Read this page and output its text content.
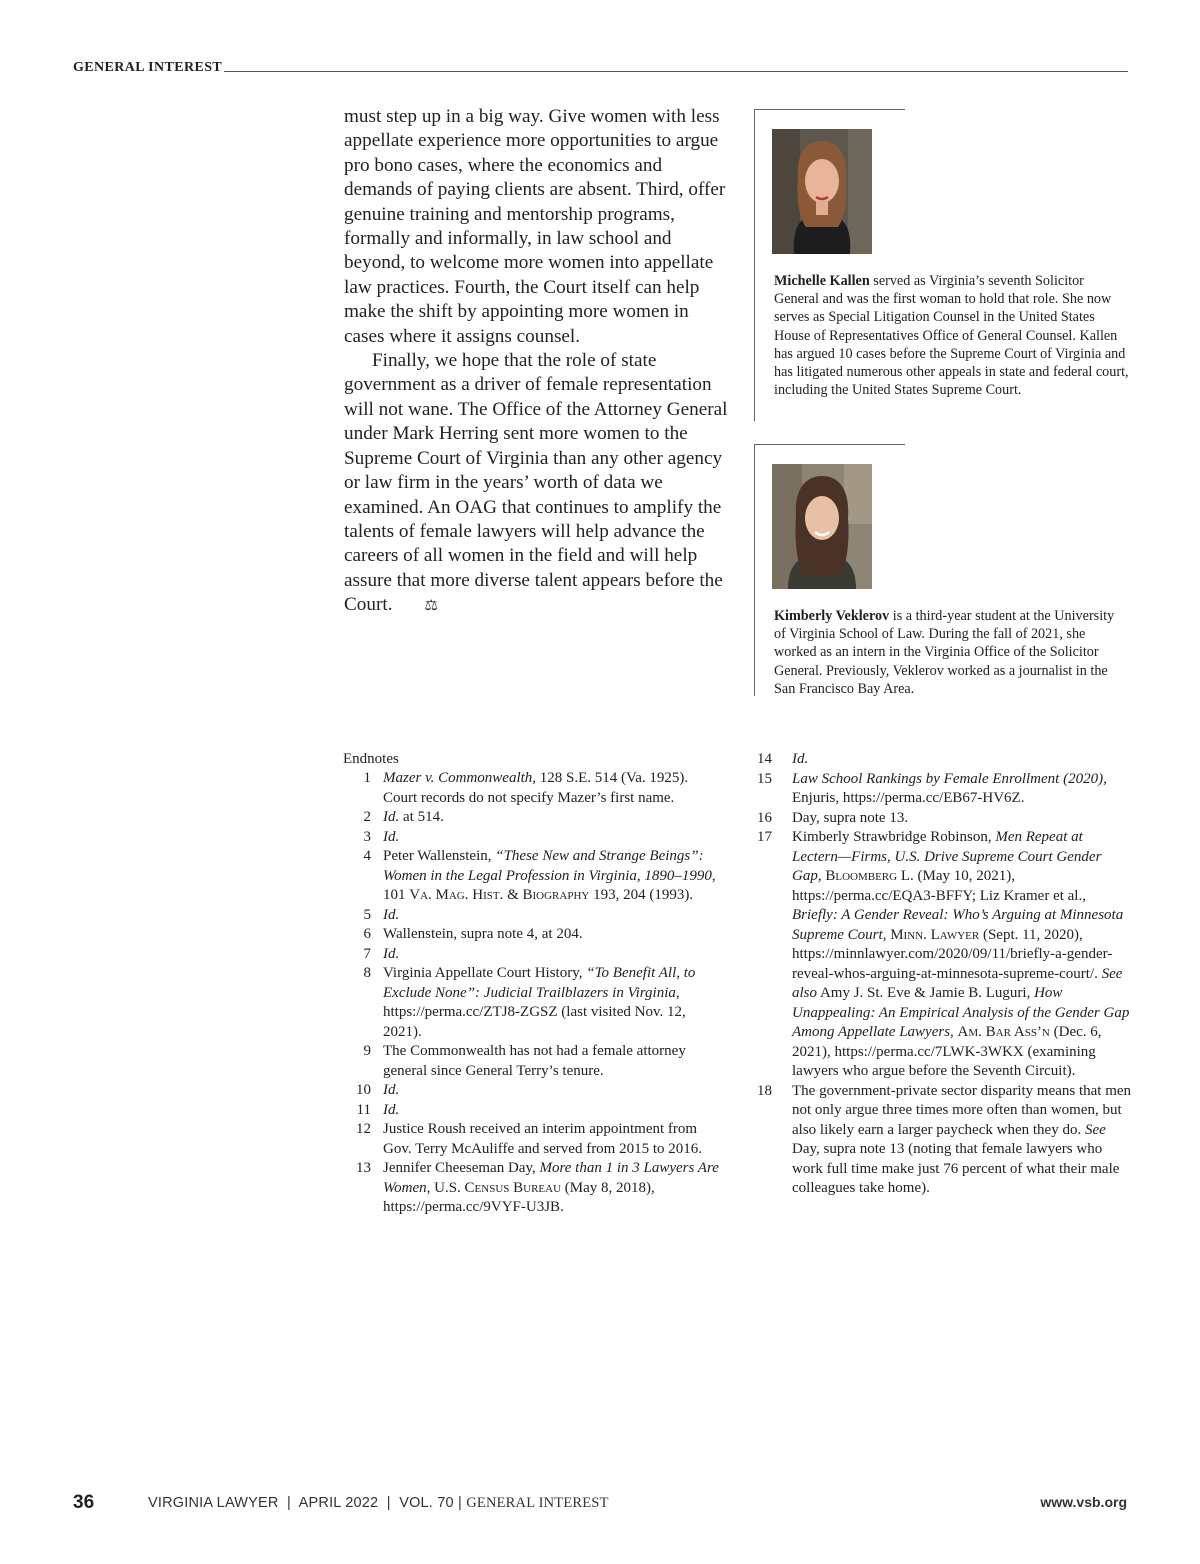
GENERAL INTEREST

must step up in a big way. Give women with less appellate experience more opportunities to argue pro bono cases, where the economics and demands of paying clients are absent. Third, offer genuine training and mentorship programs, formally and informally, in law school and beyond, to welcome more women into appellate law practices. Fourth, the Court itself can help make the shift by appointing more women in cases where it assigns counsel.

Finally, we hope that the role of state government as a driver of female representation will not wane. The Office of the Attorney General under Mark Herring sent more women to the Supreme Court of Virginia than any other agency or law firm in the years’ worth of data we examined. An OAG that continues to amplify the talents of female lawyers will help advance the careers of all women in the field and will help assure that more diverse talent appears before the Court. ⚖

Michelle Kallen served as Virginia’s seventh Solicitor General and was the first woman to hold that role. She now serves as Special Litigation Counsel in the United States House of Representatives Office of General Counsel. Kallen has argued 10 cases before the Supreme Court of Virginia and has litigated numerous other appeals in state and federal court, including the United States Supreme Court.
Kimberly Veklerov is a third-year student at the University of Virginia School of Law. During the fall of 2021, she worked as an intern in the Virginia Office of the Solicitor General. Previously, Veklerov worked as a journalist in the San Francisco Bay Area.
Endnotes
1 Mazer v. Commonwealth, 128 S.E. 514 (Va. 1925). Court records do not specify Mazer’s first name.
2 Id. at 514.
3 Id.
4 Peter Wallenstein, “These New and Strange Beings”: Women in the Legal Profession in Virginia, 1890–1990, 101 Va. Mag. Hist. & Biography 193, 204 (1993).
5 Id.
6 Wallenstein, supra note 4, at 204.
7 Id.
8 Virginia Appellate Court History, “To Benefit All, to Exclude None”: Judicial Trailblazers in Virginia, https://perma.cc/ZTJ8-ZGSZ (last visited Nov. 12, 2021).
9 The Commonwealth has not had a female attorney general since General Terry’s tenure.
10 Id.
11 Id.
12 Justice Roush received an interim appointment from Gov. Terry McAuliffe and served from 2015 to 2016.
13 Jennifer Cheeseman Day, More than 1 in 3 Lawyers Are Women, U.S. Census Bureau (May 8, 2018), https://perma.cc/9VYF-U3JB.
14	Id.
15	Law School Rankings by Female Enrollment (2020), Enjuris, https://perma.cc/EB67-HV6Z.
16	Day, supra note 13.
17	Kimberly Strawbridge Robinson, Men Repeat at Lectern—Firms, U.S. Drive Supreme Court Gender Gap, Bloomberg L. (May 10, 2021), https://perma.cc/EQA3-BFFY; Liz Kramer et al., Briefly: A Gender Reveal: Who’s Arguing at Minnesota Supreme Court, Minn. Lawyer (Sept. 11, 2020), https://minnlawyer.com/2020/09/11/briefly-a-gender-reveal-whos-arguing-at-minnesota-supreme-court/. See also Amy J. St. Eve & Jamie B. Luguri, How Unappealing: An Empirical Analysis of the Gender Gap Among Appellate Lawyers, Am. Bar Ass’n (Dec. 6, 2021), https://perma.cc/7LWK-3WKX (examining lawyers who argue before the Seventh Circuit).
18	The government-private sector disparity means that men not only argue three times more often than women, but also likely earn a larger paycheck when they do. See Day, supra note 13 (noting that female lawyers who work full time make just 76 percent of what their male colleagues take home).
36	VIRGINIA LAWYER  |  APRIL 2022  |  VOL. 70 | GENERAL INTEREST	www.vsb.org
